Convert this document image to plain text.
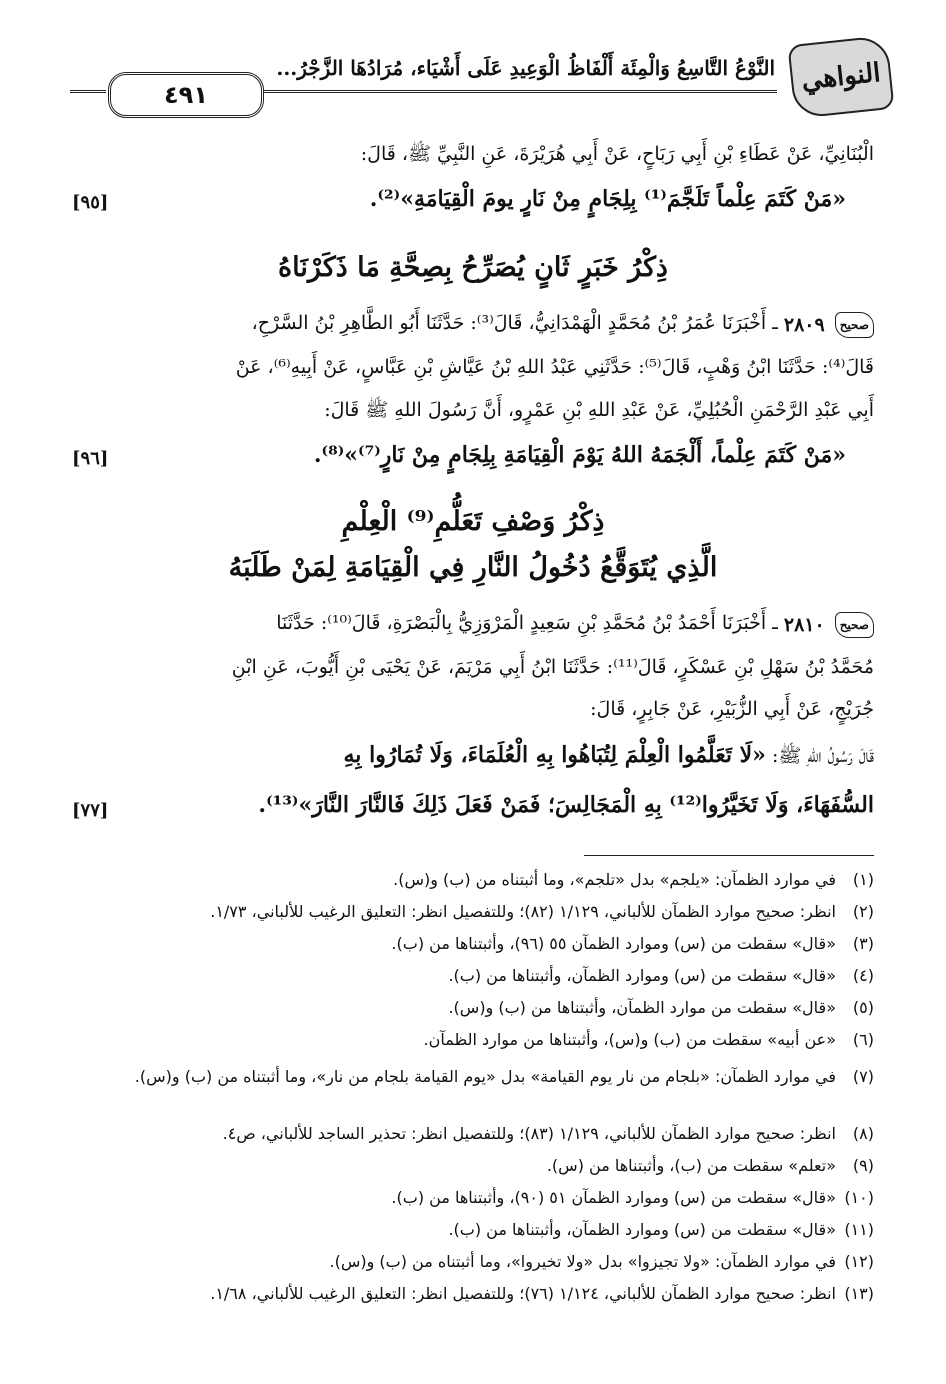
النواهي
النَّوْعُ التَّاسِعُ وَالْمِئَة أَلْفَاظُ الْوَعِيدِ عَلَى أَشْيَاء، مُرَادُهَا الزَّجْرُ...
٤٩١
الْبُنَانِيِّ، عَنْ عَطَاءِ بْنِ أَبِي رَبَاحٍ، عَنْ أَبِي هُرَيْرَةَ، عَنِ النَّبِيِّ ﷺ، قَالَ:
«مَنْ كَتَمَ عِلْماً تَلَجَّمَ⁽¹⁾ بِلِجَامٍ مِنْ نَارٍ يومَ الْقِيَامَةِ»⁽²⁾.
[٩٥]
ذِكْرُ خَبَرٍ ثَانٍ يُصَرِّحُ بِصِحَّةِ مَا ذَكَرْنَاهُ
صحيح
٢٨٠٩
ـ أَخْبَرَنَا عُمَرُ بْنُ مُحَمَّدٍ الْهَمْدَانِيُّ، قَالَ⁽³⁾: حَدَّثَنَا أَبُو الطَّاهِرِ بْنُ السَّرْحِ،
قَالَ⁽⁴⁾: حَدَّثَنَا ابْنُ وَهْبٍ، قَالَ⁽⁵⁾: حَدَّثَنِي عَبْدُ اللهِ بْنُ عَيَّاشِ بْنِ عَبَّاسٍ، عَنْ أَبِيهِ⁽⁶⁾، عَنْ
أَبِي عَبْدِ الرَّحْمَنِ الْحُبُلِيِّ، عَنْ عَبْدِ اللهِ بْنِ عَمْرٍو، أَنَّ رَسُولَ اللهِ ﷺ قَالَ:
«مَنْ كَتَمَ عِلْماً، أَلْجَمَهُ اللهُ يَوْمَ الْقِيَامَةِ بِلِجَامٍ مِنْ نَارٍ⁽⁷⁾»⁽⁸⁾.
[٩٦]
ذِكْرُ وَصْفِ تَعَلُّمِ⁽⁹⁾ الْعِلْمِ
الَّذِي يُتَوَقَّعُ دُخُولُ النَّارِ فِي الْقِيَامَةِ لِمَنْ طَلَبَهُ
صحيح
٢٨١٠
ـ أَخْبَرَنَا أَحْمَدُ بْنُ مُحَمَّدِ بْنِ سَعِيدٍ الْمَرْوَزِيُّ بِالْبَصْرَةِ، قَالَ⁽¹⁰⁾: حَدَّثَنَا
مُحَمَّدُ بْنُ سَهْلِ بْنِ عَسْكَرٍ، قَالَ⁽¹¹⁾: حَدَّثَنَا ابْنُ أَبِي مَرْيَمَ، عَنْ يَحْيَى بْنِ أَيُّوبَ، عَنِ ابْنِ
جُرَيْجٍ، عَنْ أَبِي الزُّبَيْرِ، عَنْ جَابِرٍ، قَالَ:
قَالَ رَسُولُ اللهِ ﷺ: «لَا تَعَلَّمُوا الْعِلْمَ لِتُبَاهُوا بِهِ الْعُلَمَاءَ، وَلَا تُمَارُوا بِهِ
السُّفَهَاءَ، وَلَا تَخَيَّرُوا⁽¹²⁾ بِهِ الْمَجَالِسَ؛ فَمَنْ فَعَلَ ذَلِكَ فَالنَّارَ النَّارَ»⁽¹³⁾.
[٧٧]
(١)في موارد الظمآن: «يلجم» بدل «تلجم»، وما أثبتناه من (ب) و(س).
(٢)انظر: صحيح موارد الظمآن للألباني، ١/١٢٩ (٨٢)؛ وللتفصيل انظر: التعليق الرغيب للألباني، ١/٧٣.
(٣)«قال» سقطت من (س) وموارد الظمآن ٥٥ (٩٦)، وأثبتناها من (ب).
(٤)«قال» سقطت من (س) وموارد الظمآن، وأثبتناها من (ب).
(٥)«قال» سقطت من موارد الظمآن، وأثبتناها من (ب) و(س).
(٦)«عن أبيه» سقطت من (ب) و(س)، وأثبتناها من موارد الظمآن.
(٧)في موارد الظمآن: «بلجام من نار يوم القيامة» بدل «يوم القيامة بلجام من نار»، وما أثبتناه من (ب) و(س).
(٨)انظر: صحيح موارد الظمآن للألباني، ١/١٢٩ (٨٣)؛ وللتفصيل انظر: تحذير الساجد للألباني، ص٤.
(٩)«تعلم» سقطت من (ب)، وأثبتناها من (س).
(١٠)«قال» سقطت من (س) وموارد الظمآن ٥١ (٩٠)، وأثبتناها من (ب).
(١١)«قال» سقطت من (س) وموارد الظمآن، وأثبتناها من (ب).
(١٢)في موارد الظمآن: «ولا تجيزوا» بدل «ولا تخيروا»، وما أثبتناه من (ب) و(س).
(١٣)انظر: صحيح موارد الظمآن للألباني، ١/١٢٤ (٧٦)؛ وللتفصيل انظر: التعليق الرغيب للألباني، ١/٦٨.
